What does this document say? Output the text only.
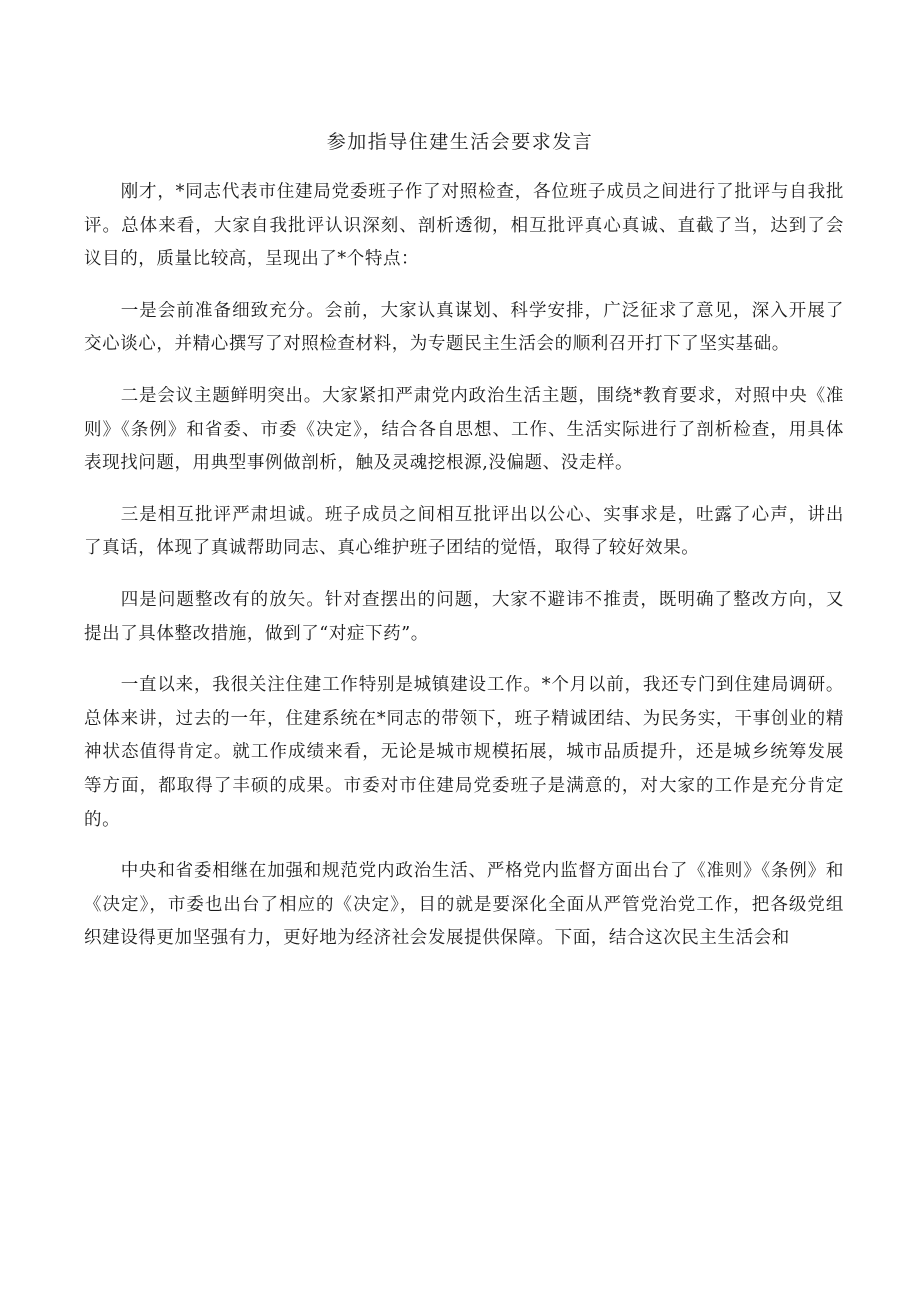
参加指导住建生活会要求发言

刚才，*同志代表市住建局党委班子作了对照检查，各位班子成员之间进行了批评与自我批评。总体来看，大家自我批评认识深刻、剖析透彻，相互批评真心真诚、直截了当，达到了会议目的，质量比较高，呈现出了*个特点：

一是会前准备细致充分。会前，大家认真谋划、科学安排，广泛征求了意见，深入开展了交心谈心，并精心撰写了对照检查材料，为专题民主生活会的顺利召开打下了坚实基础。

二是会议主题鲜明突出。大家紧扣严肃党内政治生活主题，围绕*教育要求，对照中央《准则》《条例》和省委、市委《决定》，结合各自思想、工作、生活实际进行了剖析检查，用具体表现找问题，用典型事例做剖析，触及灵魂挖根源,没偏题、没走样。

三是相互批评严肃坦诚。班子成员之间相互批评出以公心、实事求是，吐露了心声，讲出了真话，体现了真诚帮助同志、真心维护班子团结的觉悟，取得了较好效果。

四是问题整改有的放矢。针对查摆出的问题，大家不避讳不推责，既明确了整改方向，又提出了具体整改措施，做到了“对症下药”。

一直以来，我很关注住建工作特别是城镇建设工作。*个月以前，我还专门到住建局调研。总体来讲，过去的一年，住建系统在*同志的带领下，班子精诚团结、为民务实，干事创业的精神状态值得肯定。就工作成绩来看，无论是城市规模拓展，城市品质提升，还是城乡统筹发展等方面，都取得了丰硕的成果。市委对市住建局党委班子是满意的，对大家的工作是充分肯定的。

中央和省委相继在加强和规范党内政治生活、严格党内监督方面出台了《准则》《条例》和《决定》，市委也出台了相应的《决定》，目的就是要深化全面从严管党治党工作，把各级党组织建设得更加坚强有力，更好地为经济社会发展提供保障。下面，结合这次民主生活会和
